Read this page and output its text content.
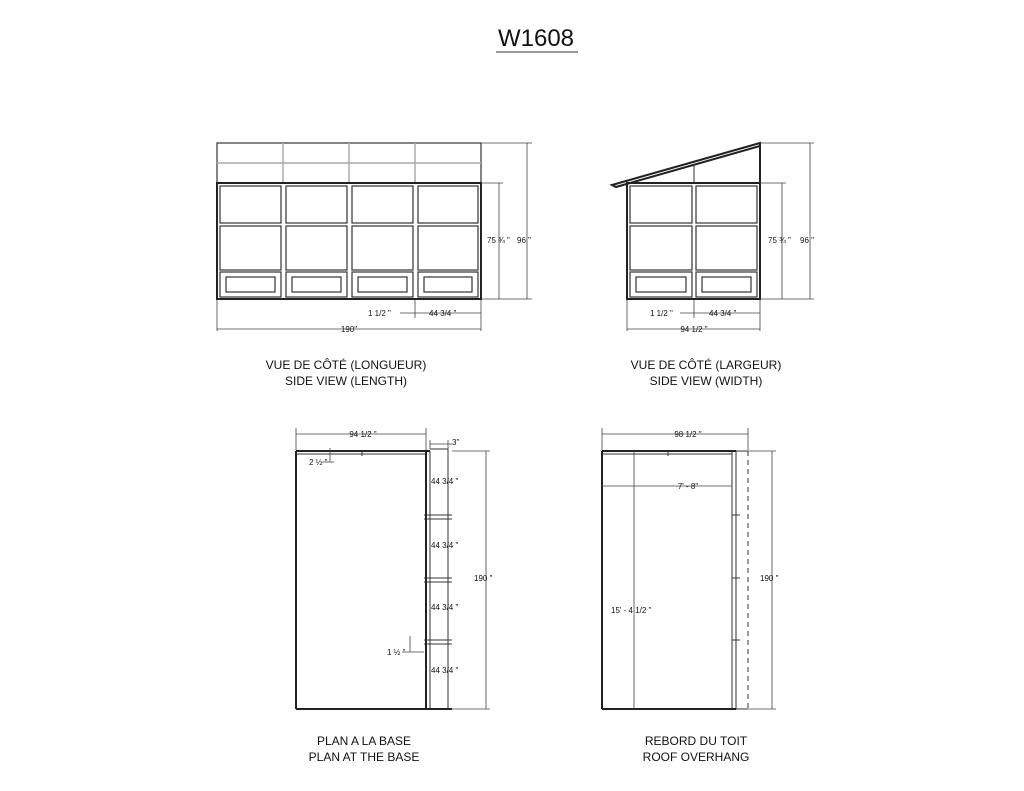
W1608
75 ¾ " 96 "
1 1/2 "	44 3/4 "
190"
VUE DE CÔTÉ (LONGUEUR)
SIDE VIEW (LENGTH)
75 ¾ " 96 "
1 1/2 "	44 3/4 "
94 1/2 "
VUE DE CÔTÉ (LARGEUR)
SIDE VIEW (WIDTH)
94 1/2 "
3"
2 ½ "
44 3/4 "
44 3/4 "
44 3/4 "
44 3/4 "
1 ½ "
190 "
PLAN A LA BASE
PLAN AT THE BASE
98 1/2 "
7' - 8"
15' - 4 1/2 "
190 "
REBORD DU TOIT
ROOF OVERHANG
